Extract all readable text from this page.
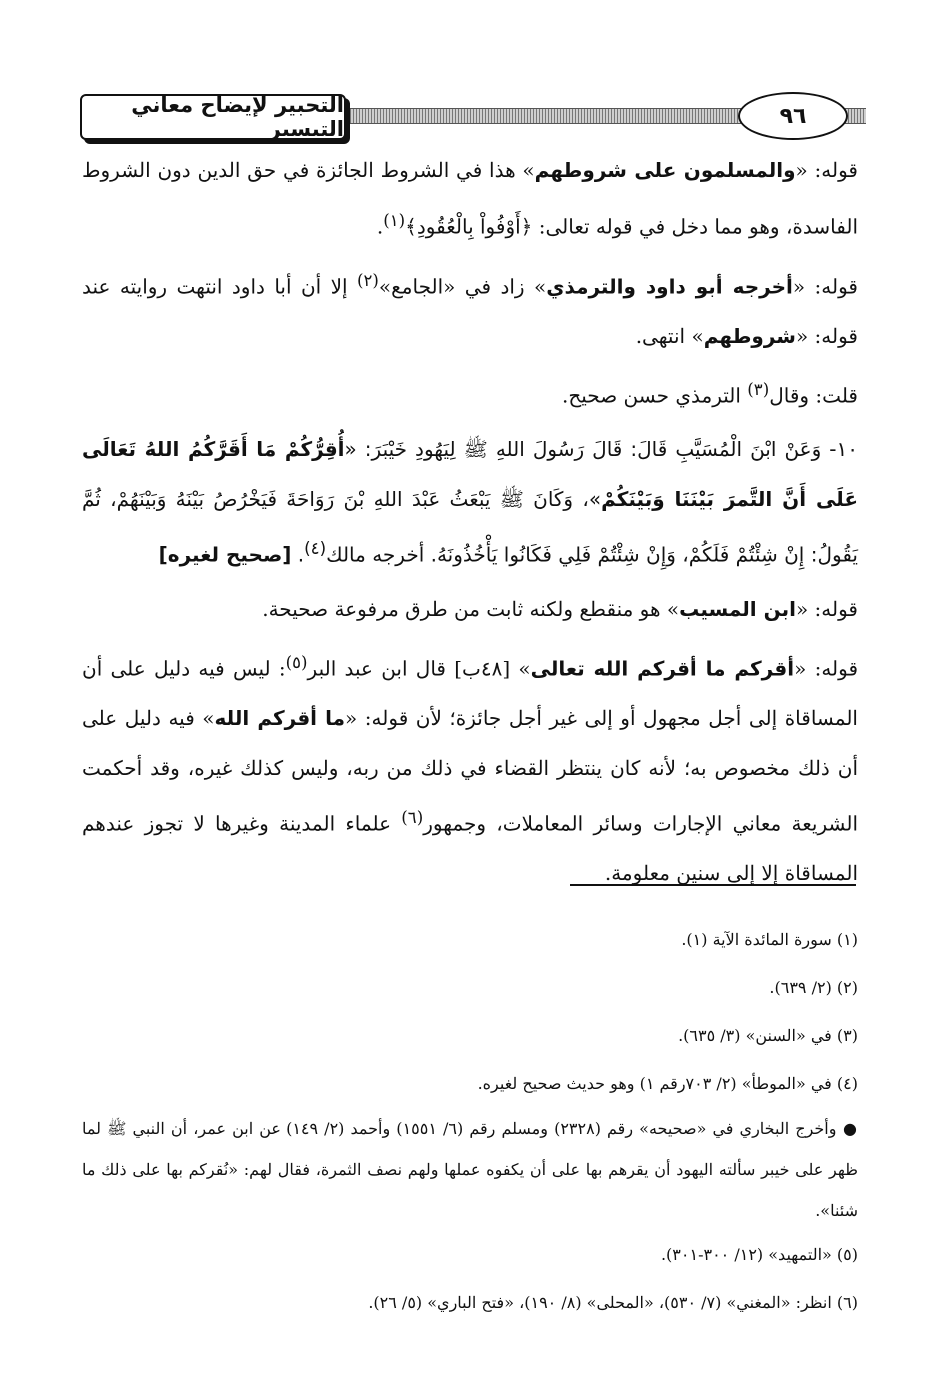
التحبير لإيضاح معاني التيسير
٩٦

قوله: «والمسلمون على شروطهم» هذا في الشروط الجائزة في حق الدين دون الشروط الفاسدة، وهو مما دخل في قوله تعالى: ﴿أَوْفُواْ بِالْعُقُودِ﴾$^{(١)}$.

قوله: «أخرجه أبو داود والترمذي» زاد في «الجامع»$^{(٢)}$ إلا أن أبا داود انتهت روايته عند قوله: «شروطهم» انتهى.

قلت: وقال$^{(٣)}$ الترمذي حسن صحيح.

١٠- وَعَنْ ابْنَ الْمُسَيَّبِ قَالَ: قَالَ رَسُولَ اللهِ ﷺ لِيَهُودِ خَيْبَرَ: «أُقِرُّكُمْ مَا أَقَرَّكُمُ اللهُ تَعَالَى عَلَى أَنَّ التَّمرَ بَيْنَنَا وَبَيْنَكُمْ»، وَكَانَ ﷺ يَبْعَثُ عَبْدَ اللهِ بْنَ رَوَاحَةَ فَيَخْرُصُ بَيْنَهُ وَبَيْنَهُمْ، ثُمَّ يَقُولُ: إِنْ شِئْتُمْ فَلَكُمْ، وَإِنْ شِئْتُمْ فَلِي فَكَانُوا يَأْخُذُونَهُ. أخرجه مالك$^{(٤)}$. [صحيح لغيره]

قوله: «ابن المسيب» هو منقطع ولكنه ثابت من طرق مرفوعة صحيحة.

قوله: «أقركم ما أقركم الله تعالى» [٤٨ب] قال ابن عبد البر$^{(٥)}$: ليس فيه دليل على أن المساقاة إلى أجل مجهول أو إلى غير أجل جائزة؛ لأن قوله: «ما أقركم الله» فيه دليل على أن ذلك مخصوص به؛ لأنه كان ينتظر القضاء في ذلك من ربه، وليس كذلك غيره، وقد أحكمت الشريعة معاني الإجارات وسائر المعاملات، وجمهور$^{(٦)}$ علماء المدينة وغيرها لا تجوز عندهم المساقاة إلا إلى سنين معلومة.

(١) سورة المائدة الآية (١).

(٢) (٢/ ٦٣٩).

(٣) في «السنن» (٣/ ٦٣٥).

(٤) في «الموطأ» (٢/ ٧٠٣رقم ١) وهو حديث صحيح لغيره.

● وأخرج البخاري في «صحيحه» رقم (٢٣٢٨) ومسلم رقم (٦/ ١٥٥١) وأحمد (٢/ ١٤٩) عن ابن عمر، أن النبي ﷺ لما ظهر على خيبر سألته اليهود أن يقرهم بها على أن يكفوه عملها ولهم نصف الثمرة، فقال لهم: «نُقركم بها على ذلك ما شئنا».

(٥) «التمهيد» (١٢/ ٣٠٠-٣٠١).

(٦) انظر: «المغني» (٧/ ٥٣٠)، «المحلى» (٨/ ١٩٠)، «فتح الباري» (٥/ ٢٦).
